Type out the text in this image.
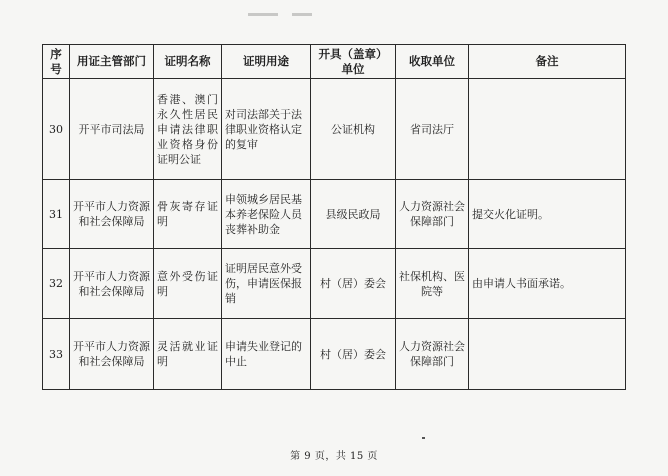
序号	用证主管部门	证明名称	证明用途	开具（盖章）单位	收取单位	备注
30	开平市司法局	香港、澳门永久性居民申请法律职业资格身份证明公证	对司法部关于法律职业资格认定的复审	公证机构	省司法厅	
31	开平市人力资源和社会保障局	骨灰寄存证明	申领城乡居民基本养老保险人员丧葬补助金	县级民政局	人力资源社会保障部门	提交火化证明。
32	开平市人力资源和社会保障局	意外受伤证明	证明居民意外受伤，申请医保报销	村（居）委会	社保机构、医院等	由申请人书面承诺。
33	开平市人力资源和社会保障局	灵活就业证明	申请失业登记的中止	村（居）委会	人力资源社会保障部门	
第 9 页，共 15 页
